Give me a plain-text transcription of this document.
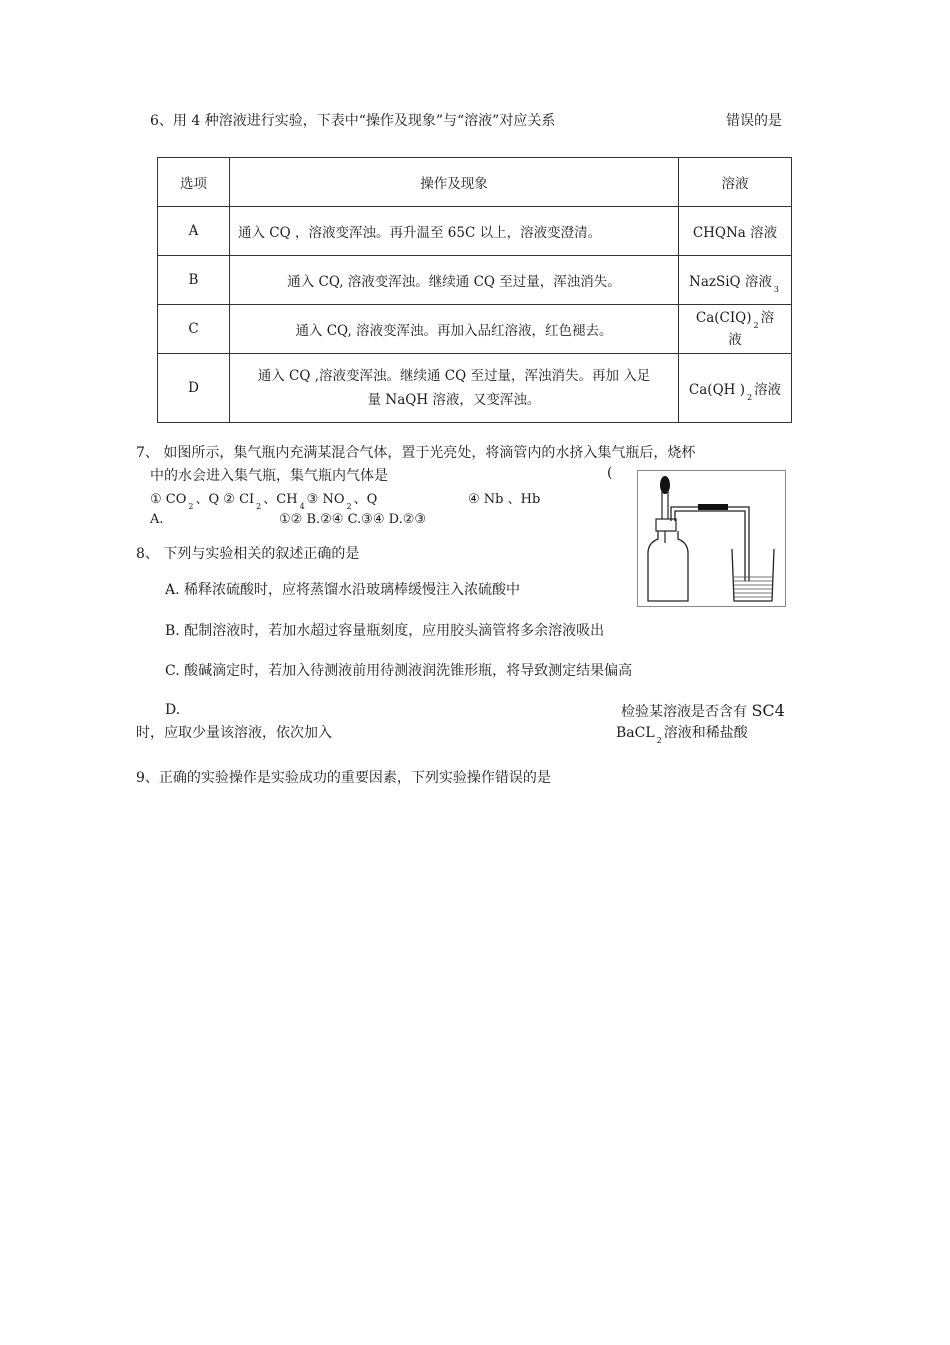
6、用 4 种溶液进行实验，下表中“操作及现象”与“溶液”对应关系	错误的是
选项	操作及现象	溶液
A	通入 CQ ，溶液变浑浊。再升温至 65C 以上，溶液变澄清。	CHQNa 溶液
B	通入 CQ, 溶液变浑浊。继续通 CQ 至过量，浑浊消失。	NazSiQ 溶液 $_3$
C	通入 CQ, 溶液变浑浊。再加入品红溶液，红色褪去。	Ca(CIQ) $_2$ 溶
液
D	通入 CQ ,溶液变浑浊。继续通 CQ 至过量，浑浊消失。再加 入足
量 NaQH 溶液，又变浑浊。	Ca(QH ) $_2$ 溶液
7、 如图所示，集气瓶内充满某混合气体，置于光亮处，将滴管内的水挤入集气瓶后，烧杯
中的水会进入集气瓶，集气瓶内气体是	(
① CO $_2$ 、Q ② CI $_2$ 、CH $_4$ ③ NO $_2$ 、Q	④ Nb 、Hb
A.	①② B.②④ C.③④ D.②③
8、 下列与实验相关的叙述正确的是
A. 稀释浓硫酸时，应将蒸馏水沿玻璃棒缓慢注入浓硫酸中
B. 配制溶液时，若加水超过容量瓶刻度，应用胶头滴管将多余溶液吸出
C. 酸碱滴定时，若加入待测液前用待测液润洗锥形瓶，将导致测定结果偏高
D.	检验某溶液是否含有 SC4
时，应取少量该溶液，依次加入	BaCL $_2$ 溶液和稀盐酸
9、正确的实验操作是实验成功的重要因素，下列实验操作错误的是
